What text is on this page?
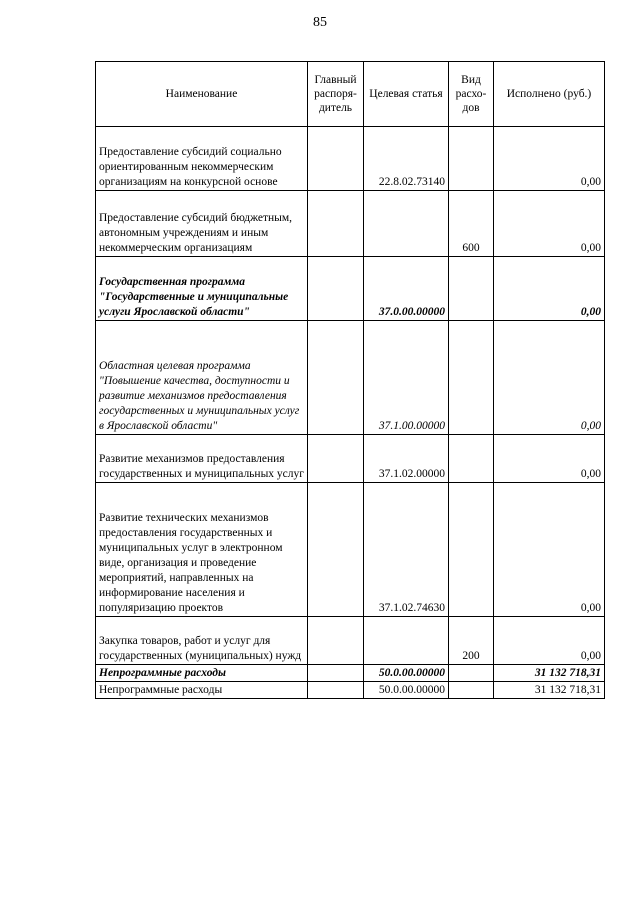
85
Наименование	Главный распоря-дитель	Целевая статья	Вид расхо-дов	Исполнено (руб.)
Предоставление субсидий социально ориентированным некоммерческим организациям на конкурсной основе		22.8.02.73140		0,00
Предоставление субсидий бюджетным, автономным учреждениям и иным некоммерческим организациям			600	0,00
Государственная программа "Государственные и муниципальные услуги Ярославской области"		37.0.00.00000		0,00
Областная целевая программа "Повышение качества, доступности и развитие механизмов предоставления государственных и муниципальных услуг в Ярославской области"		37.1.00.00000		0,00
Развитие механизмов предоставления государственных и муниципальных услуг		37.1.02.00000		0,00
Развитие технических механизмов предоставления государственных и муниципальных услуг в электронном виде, организация и проведение мероприятий, направленных на информирование населения и популяризацию проектов		37.1.02.74630		0,00
Закупка товаров, работ и услуг для государственных (муниципальных) нужд			200	0,00
Непрограммные расходы		50.0.00.00000		31 132 718,31
Непрограммные расходы		50.0.00.00000		31 132 718,31
